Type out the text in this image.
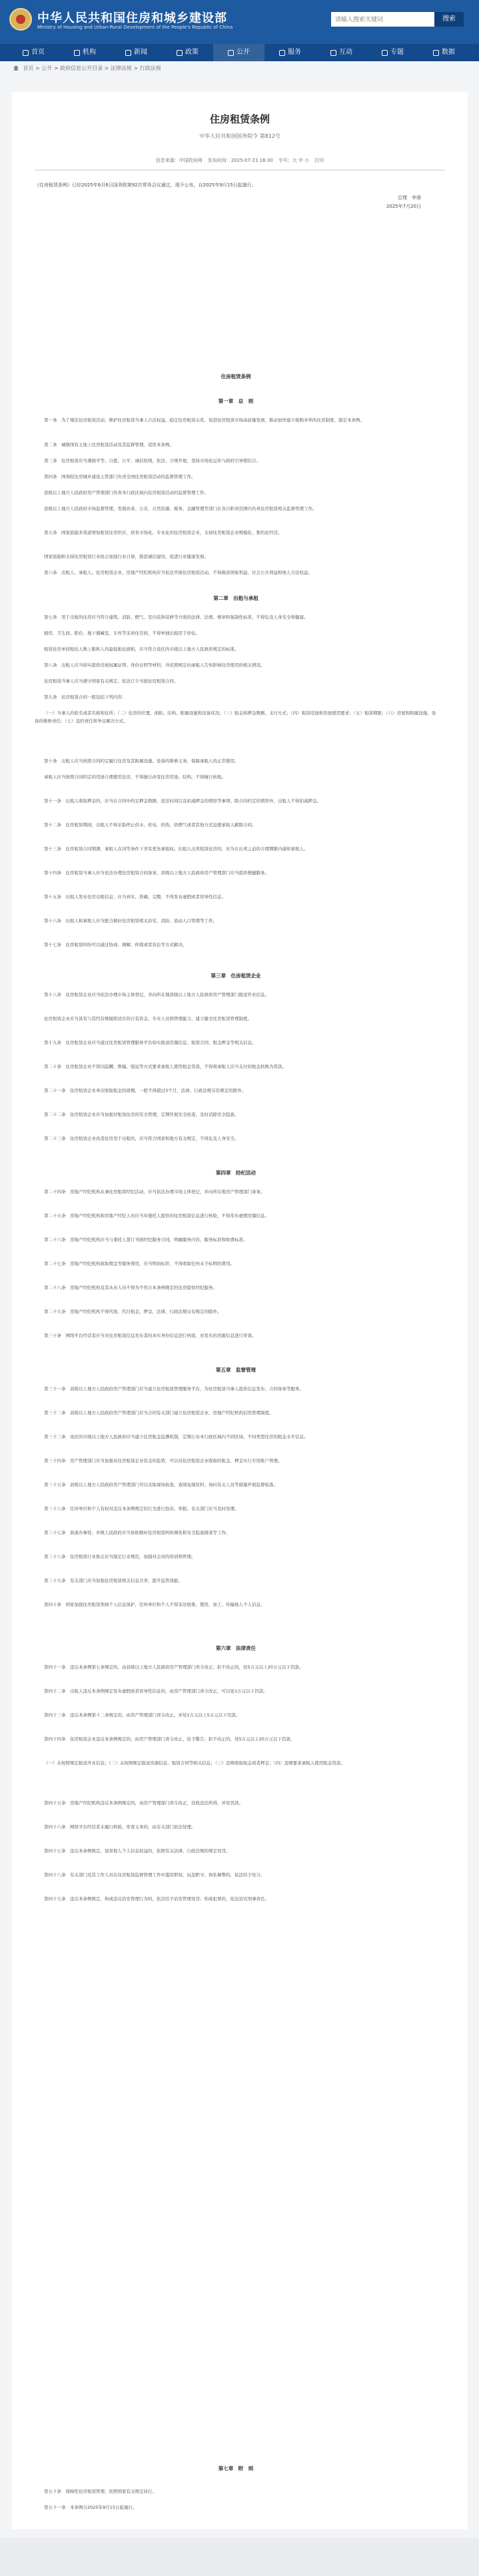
中华人民共和国住房和城乡建设部
Ministry of Housing and Urban-Rural Development of the People's Republic of China
请输入搜索关键词
搜索
首页	机构	新闻	政策	公开	服务	互动	专题	数据
首页 > 公开 > 政府信息公开目录 > 法律法规 > 行政法规
住房租赁条例
中华人民共和国国务院令 第812号
信息来源：中国政府网 发布时间：2025-07-21 16:30 字号：大 中 小 打印
《住房租赁条例》已经2025年6月6日国务院第92次常务会议通过，现予公布，自2025年9月15日起施行。
总理　李强
2025年7月20日
住房租赁条例
第一章　总　则
第二章　出租与承租
第三章　住房租赁企业
第四章　经纪活动
第五章　监督管理
第六章　法律责任
第七章　附　则
第一条　为了规范住房租赁活动，维护住房租赁当事人合法权益，稳定住房租赁关系，促进住房租赁市场高质量发展，推动加快建立租购并举的住房制度，制定本条例。
第二条　城镇国有土地上住房租赁活动及其监督管理，适用本条例。
第三条　住房租赁应当遵循平等、自愿、公平、诚信原则，依法、合规开展，坚持市场化运作与政府引导相结合。
第四条　国务院住房城乡建设主管部门负责全国住房租赁活动的监督管理工作。
县级以上地方人民政府房产管理部门负责本行政区域内住房租赁活动的监督管理工作。
县级以上地方人民政府市场监督管理、发展改革、公安、自然资源、税务、金融管理等部门在各自职责范围内负责住房租赁相关监督管理工作。
第五条　国家鼓励多渠道增加租赁住房供应，培育市场化、专业化的住房租赁企业，支持住房租赁企业规模化、集约化经营。
国家鼓励和支持住房租赁行业协会加强行业自律，推进诚信建设，促进行业健康发展。
第六条　出租人、承租人、住房租赁企业、房地产经纪机构应当依法开展住房租赁活动，不得损害国家利益、社会公共利益和他人合法权益。
第七条　用于出租的住房应当符合建筑、消防、燃气、室内装饰装修等方面的法律、法规、规章和强制性标准，不得危及人身安全和健康。
厨房、卫生间、阳台、地下储藏室、车库等非居住空间，不得单独出租用于居住。
租赁住房单间租住人数上限和人均最低租住面积，应当符合设区的市级以上地方人民政府规定的标准。
第八条　出租人应当如实提供房屋权属证明、身份证明等材料，并依照规定向承租人告知影响住房使用的相关情况。
住房租赁当事人应当遵守国家有关规定，依法订立书面住房租赁合同。
第九条　住房租赁合同一般包括下列内容：
（一）当事人的姓名或者名称和住所；（二）住房的位置、面积、结构、附属设施和设备状况；（三）租金和押金数额、支付方式；（四）租赁用途和房屋使用要求；（五）租赁期限；（六）房屋和附属设施、设备的维修责任；（七）违约责任和争议解决方式。
第十条　出租人应当按照合同约定履行住房及其附属设施、设备的维修义务，保障承租人的正常使用。
承租人应当按照合同约定的用途合理使用住房，不得擅自改变住房用途、结构，不得擅自转租。
第十一条　出租人收取押金的，应当在合同中约定押金数额、返还时间以及扣减押金的情形等事项。除合同约定的情形外，出租人不得扣减押金。
第十二条　住房租赁期间，出租人不得采取停止供水、供电、供热、供燃气或者其他方式迫使承租人解除合同。
第十三条　住房租赁合同期满，承租人在同等条件下享有优先承租权。出租人出卖租赁住房的，应当在出卖之前的合理期限内通知承租人。
第十四条　住房租赁当事人应当依法办理住房租赁合同备案，县级以上地方人民政府房产管理部门应当提供便捷服务。
第十五条　出租人发布住房出租信息，应当真实、准确、完整，不得发布虚假或者误导性信息。
第十六条　出租人和承租人应当配合做好住房租赁相关治安、消防、流动人口管理等工作。
第十七条　住房租赁纠纷可以通过协商、调解、仲裁或者诉讼等方式解决。
第十八条　住房租赁企业应当依法办理市场主体登记，并向所在地县级以上地方人民政府房产管理部门报送开业信息。
住房租赁企业应当具有与其经营规模相适应的自有资金、专业人员和管理能力，建立健全住房租赁管理制度。
第十九条　住房租赁企业应当通过住房租赁管理服务平台如实报送房源信息、租赁合同、租金押金等相关信息。
第二十条　住房租赁企业不得以隐瞒、欺骗、强迫等方式要求承租人使用租金贷款，不得将承租人应当支付的租金转换为贷款。
第二十一条　住房租赁企业单次收取租金的周期，一般不得超过3个月，法律、行政法规另有规定的除外。
第二十二条　住房租赁企业应当加强对租赁住房的安全管理，定期开展安全检查，及时消除安全隐患。
第二十三条　住房租赁企业改造住房用于出租的，应当符合国家和地方有关规定，不得危及人身安全。
第二十四条　房地产经纪机构从事住房租赁经纪活动，应当依法办理市场主体登记，并向所在地房产管理部门备案。
第二十五条　房地产经纪机构和房地产经纪人员应当对委托人提供的住房租赁信息进行核验，不得发布虚假房源信息。
第二十六条　房地产经纪机构应当与委托人签订书面经纪服务合同，明确服务内容、服务标准和收费标准。
第二十七条　房地产经纪机构收取佣金等服务费用，应当明码标价，不得收取任何未予标明的费用。
第二十八条　房地产经纪机构及其从业人员不得为不符合本条例规定的住房提供经纪服务。
第二十九条　房地产经纪机构不得代收、代付租金、押金，法律、行政法规另有规定的除外。
第三十条　网络平台经营者应当对住房租赁信息发布者的真实身份信息进行核验，对发布的房源信息进行审查。
第三十一条　县级以上地方人民政府房产管理部门应当建立住房租赁管理服务平台，为住房租赁当事人提供信息发布、合同备案等服务。
第三十二条　县级以上地方人民政府房产管理部门应当会同有关部门建立住房租赁企业、房地产经纪机构信用管理制度。
第三十三条　设区的市级以上地方人民政府应当建立住房租金监测机制，定期公布本行政区域内不同区域、不同类型住房的租金水平信息。
第三十四条　房产管理部门应当加强对住房租赁企业资金的监管，可以对住房租赁企业收取的租金、押金实行专用账户管理。
第三十五条　县级以上地方人民政府房产管理部门可以采取现场检查、查阅复制资料、询问有关人员等措施开展监督检查。
第三十六条　任何单位和个人有权对违反本条例规定的行为进行投诉、举报。有关部门应当及时处理。
第三十七条　街道办事处、乡镇人民政府应当协助做好住房租赁纠纷调处和安全隐患排查等工作。
第三十八条　住房租赁行业协会应当制定行业规范，加强对会员的培训和管理。
第三十九条　有关部门应当加强住房租赁相关信息共享，提升监管效能。
第四十条　国家加强住房租赁领域个人信息保护，任何单位和个人不得非法收集、使用、加工、传输他人个人信息。
第四十一条　违反本条例第七条规定的，由县级以上地方人民政府房产管理部门责令改正；拒不改正的，处5万元以上20万元以下罚款。
第四十二条　出租人违反本条例规定发布虚假或者误导性信息的，由房产管理部门责令改正，可以处1万元以下罚款。
第四十三条　违反本条例第十二条规定的，由房产管理部门责令改正，并处1万元以上5万元以下罚款。
第四十四条　住房租赁企业违反本条例规定的，由房产管理部门责令改正，给予警告；拒不改正的，处5万元以上20万元以下罚款。
（一）未按照规定报送开业信息；（二）未按照规定报送房源信息、租赁合同等相关信息；（三）违规收取租金或者押金；（四）违规要求承租人使用租金贷款。
第四十五条　房地产经纪机构违反本条例规定的，由房产管理部门责令改正，没收违法所得，并处罚款。
第四十六条　网络平台经营者未履行核验、审查义务的，由有关部门依法处理。
第四十七条　违反本条例规定，侵害他人个人信息权益的，依照有关法律、行政法规的规定处罚。
第四十八条　有关部门及其工作人员在住房租赁监督管理工作中滥用职权、玩忽职守、徇私舞弊的，依法给予处分。
第四十九条　违反本条例规定，构成违反治安管理行为的，依法给予治安管理处罚；构成犯罪的，依法追究刑事责任。
第五十条　保障性住房租赁管理，依照国家有关规定执行。
第五十一条　本条例自2025年9月15日起施行。
